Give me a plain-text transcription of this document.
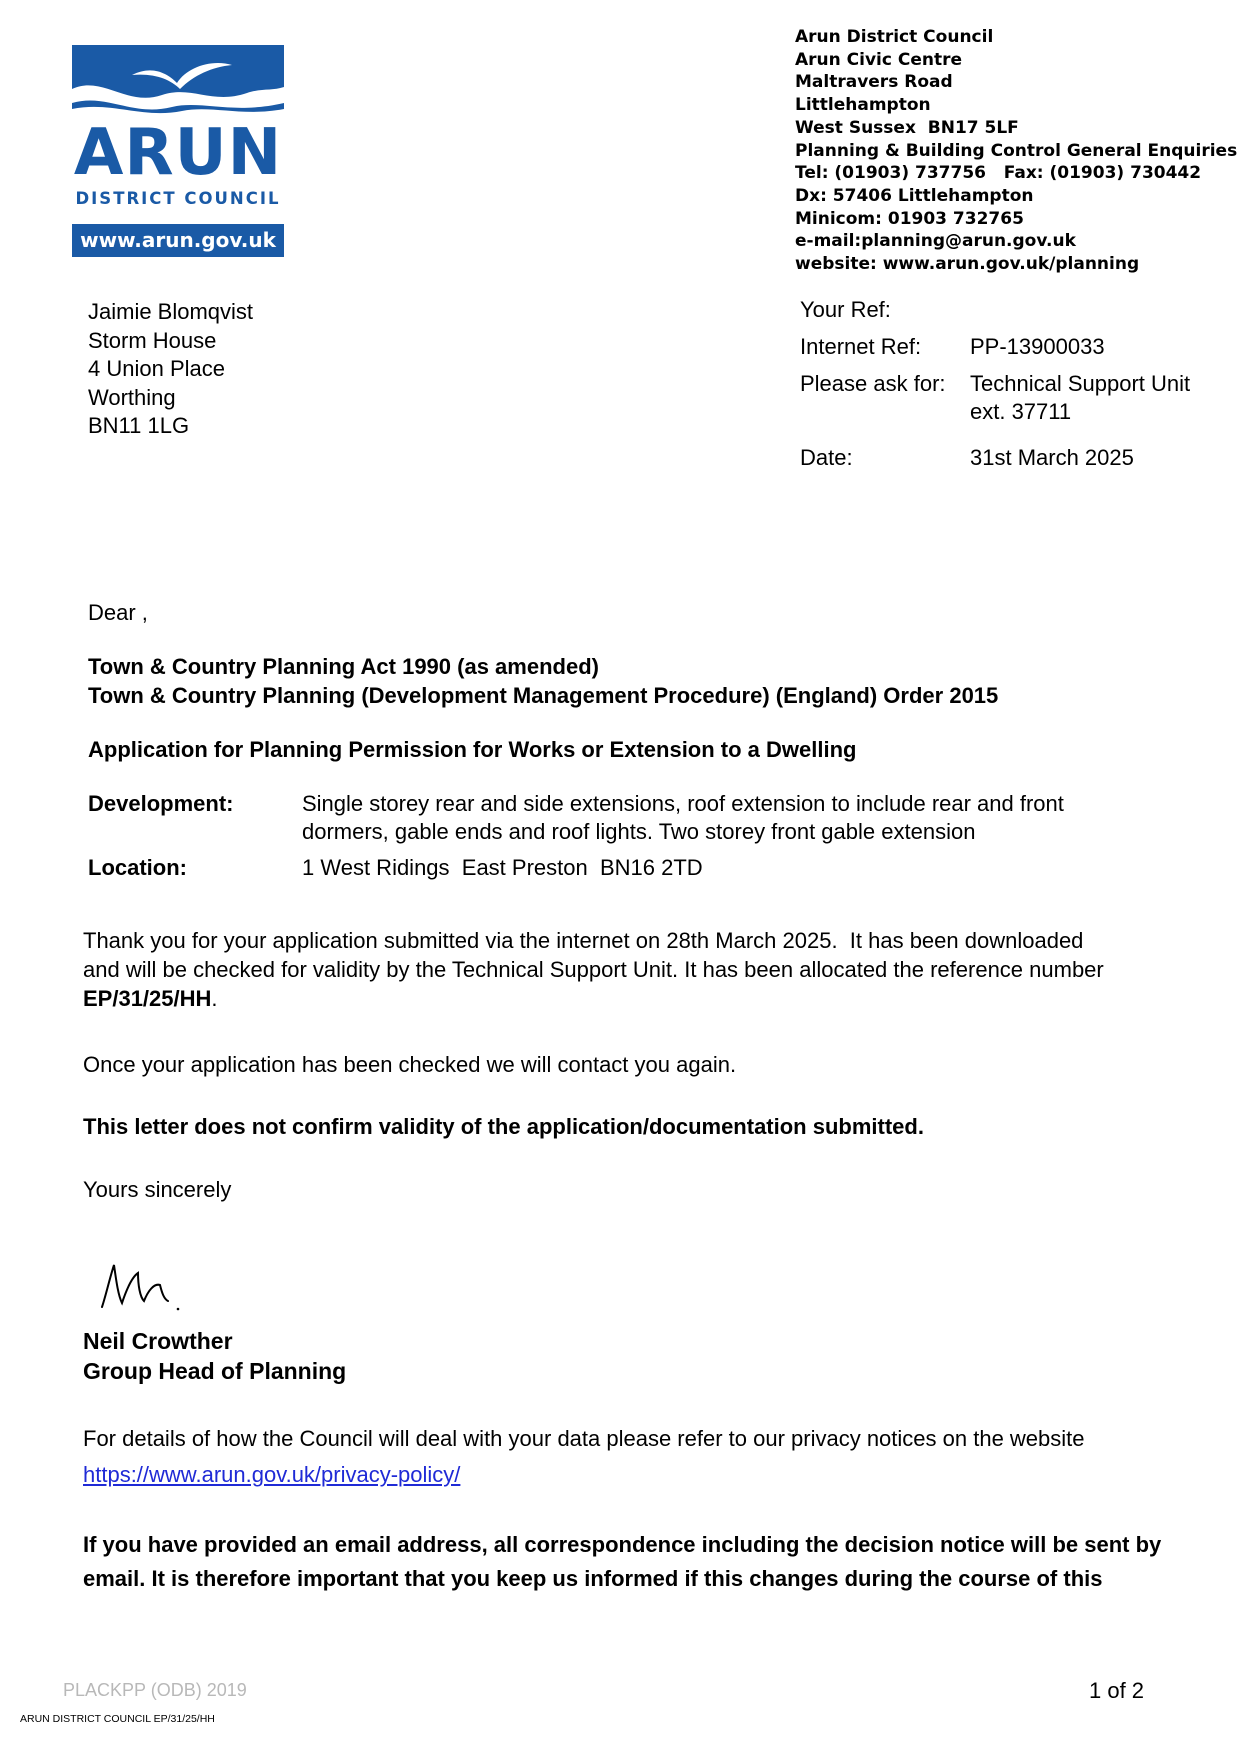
ARUN
DISTRICT COUNCIL
www.arun.gov.uk
Arun District Council
Arun Civic Centre
Maltravers Road
Littlehampton
West Sussex  BN17 5LF
Planning & Building Control General Enquiries
Tel: (01903) 737756   Fax: (01903) 730442
Dx: 57406 Littlehampton
Minicom: 01903 732765
e-mail:planning@arun.gov.uk
website: www.arun.gov.uk/planning
Jaimie Blomqvist
Storm House
4 Union Place
Worthing
BN11 1LG
Your Ref:
Internet Ref: PP-13900033
Please ask for: Technical Support Unit
ext. 37711
Date:	31st March 2025
Dear ,
Town & Country Planning Act 1990 (as amended)
Town & Country Planning (Development Management Procedure) (England) Order 2015
Application for Planning Permission for Works or Extension to a Dwelling
Development:	Single storey rear and side extensions, roof extension to include rear and front
dormers, gable ends and roof lights. Two storey front gable extension
Location:	1 West Ridings  East Preston  BN16 2TD
Thank you for your application submitted via the internet on 28th March 2025.  It has been downloaded
and will be checked for validity by the Technical Support Unit. It has been allocated the reference number
EP/31/25/HH.
Once your application has been checked we will contact you again.
This letter does not confirm validity of the application/documentation submitted.
Yours sincerely
Neil Crowther
Group Head of Planning
For details of how the Council will deal with your data please refer to our privacy notices on the website
https://www.arun.gov.uk/privacy-policy/
If you have provided an email address, all correspondence including the decision notice will be sent by
email. It is therefore important that you keep us informed if this changes during the course of this
PLACKPP (ODB) 2019	1 of 2
ARUN DISTRICT COUNCIL EP/31/25/HH
